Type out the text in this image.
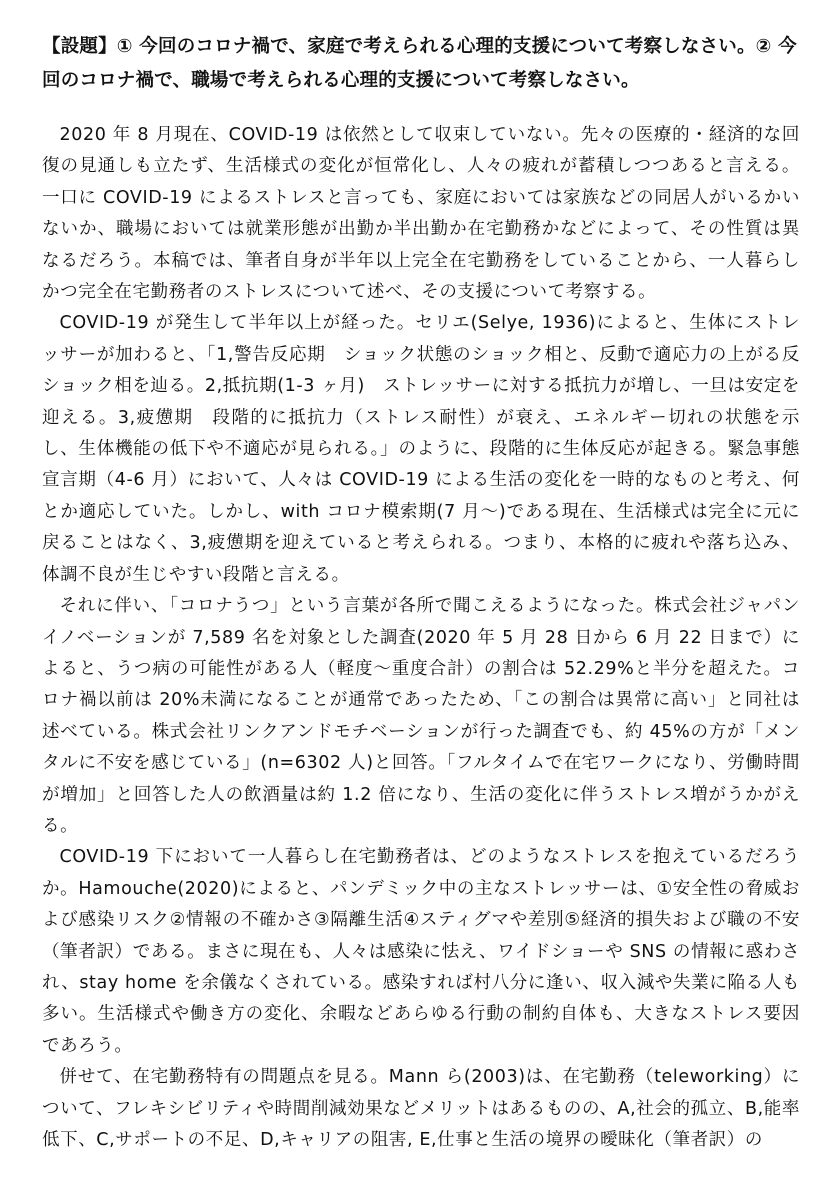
【設題】① 今回のコロナ禍で、家庭で考えられる心理的支援について考察しなさい。② 今回のコロナ禍で、職場で考えられる心理的支援について考察しなさい。

2020 年 8 月現在、COVID-19 は依然として収束していない。先々の医療的・経済的な回復の見通しも立たず、生活様式の変化が恒常化し、人々の疲れが蓄積しつつあると言える。一口に COVID-19 によるストレスと言っても、家庭においては家族などの同居人がいるかいないか、職場においては就業形態が出勤か半出勤か在宅勤務かなどによって、その性質は異なるだろう。本稿では、筆者自身が半年以上完全在宅勤務をしていることから、一人暮らしかつ完全在宅勤務者のストレスについて述べ、その支援について考察する。

COVID-19 が発生して半年以上が経った。セリエ(Selye, 1936)によると、生体にストレッサーが加わると、「1,警告反応期　ショック状態のショック相と、反動で適応力の上がる反ショック相を辿る。2,抵抗期(1-3 ヶ月)　ストレッサーに対する抵抗力が増し、一旦は安定を迎える。3,疲憊期　段階的に抵抗力（ストレス耐性）が衰え、エネルギー切れの状態を示し、生体機能の低下や不適応が見られる。」のように、段階的に生体反応が起きる。緊急事態宣言期（4-6 月）において、人々は COVID-19 による生活の変化を一時的なものと考え、何とか適応していた。しかし、with コロナ模索期(7 月～)である現在、生活様式は完全に元に戻ることはなく、3,疲憊期を迎えていると考えられる。つまり、本格的に疲れや落ち込み、体調不良が生じやすい段階と言える。

それに伴い、「コロナうつ」という言葉が各所で聞こえるようになった。株式会社ジャパンイノベーションが 7,589 名を対象とした調査(2020 年 5 月 28 日から 6 月 22 日まで）によると、うつ病の可能性がある人（軽度～重度合計）の割合は 52.29%と半分を超えた。コロナ禍以前は 20%未満になることが通常であったため、「この割合は異常に高い」と同社は述べている。株式会社リンクアンドモチベーションが行った調査でも、約 45%の方が「メンタルに不安を感じている」(n=6302 人)と回答。「フルタイムで在宅ワークになり、労働時間が増加」と回答した人の飲酒量は約 1.2 倍になり、生活の変化に伴うストレス増がうかがえる。

COVID-19 下において一人暮らし在宅勤務者は、どのようなストレスを抱えているだろうか。Hamouche(2020)によると、パンデミック中の主なストレッサーは、①安全性の脅威および感染リスク②情報の不確かさ③隔離生活④スティグマや差別⑤経済的損失および職の不安（筆者訳）である。まさに現在も、人々は感染に怯え、ワイドショーや SNS の情報に惑わされ、stay home を余儀なくされている。感染すれば村八分に逢い、収入減や失業に陥る人も多い。生活様式や働き方の変化、余暇などあらゆる行動の制約自体も、大きなストレス要因であろう。

併せて、在宅勤務特有の問題点を見る。Mann ら(2003)は、在宅勤務（teleworking）について、フレキシビリティや時間削減効果などメリットはあるものの、A,社会的孤立、B,能率低下、C,サポートの不足、D,キャリアの阻害, E,仕事と生活の境界の曖昧化（筆者訳）の
